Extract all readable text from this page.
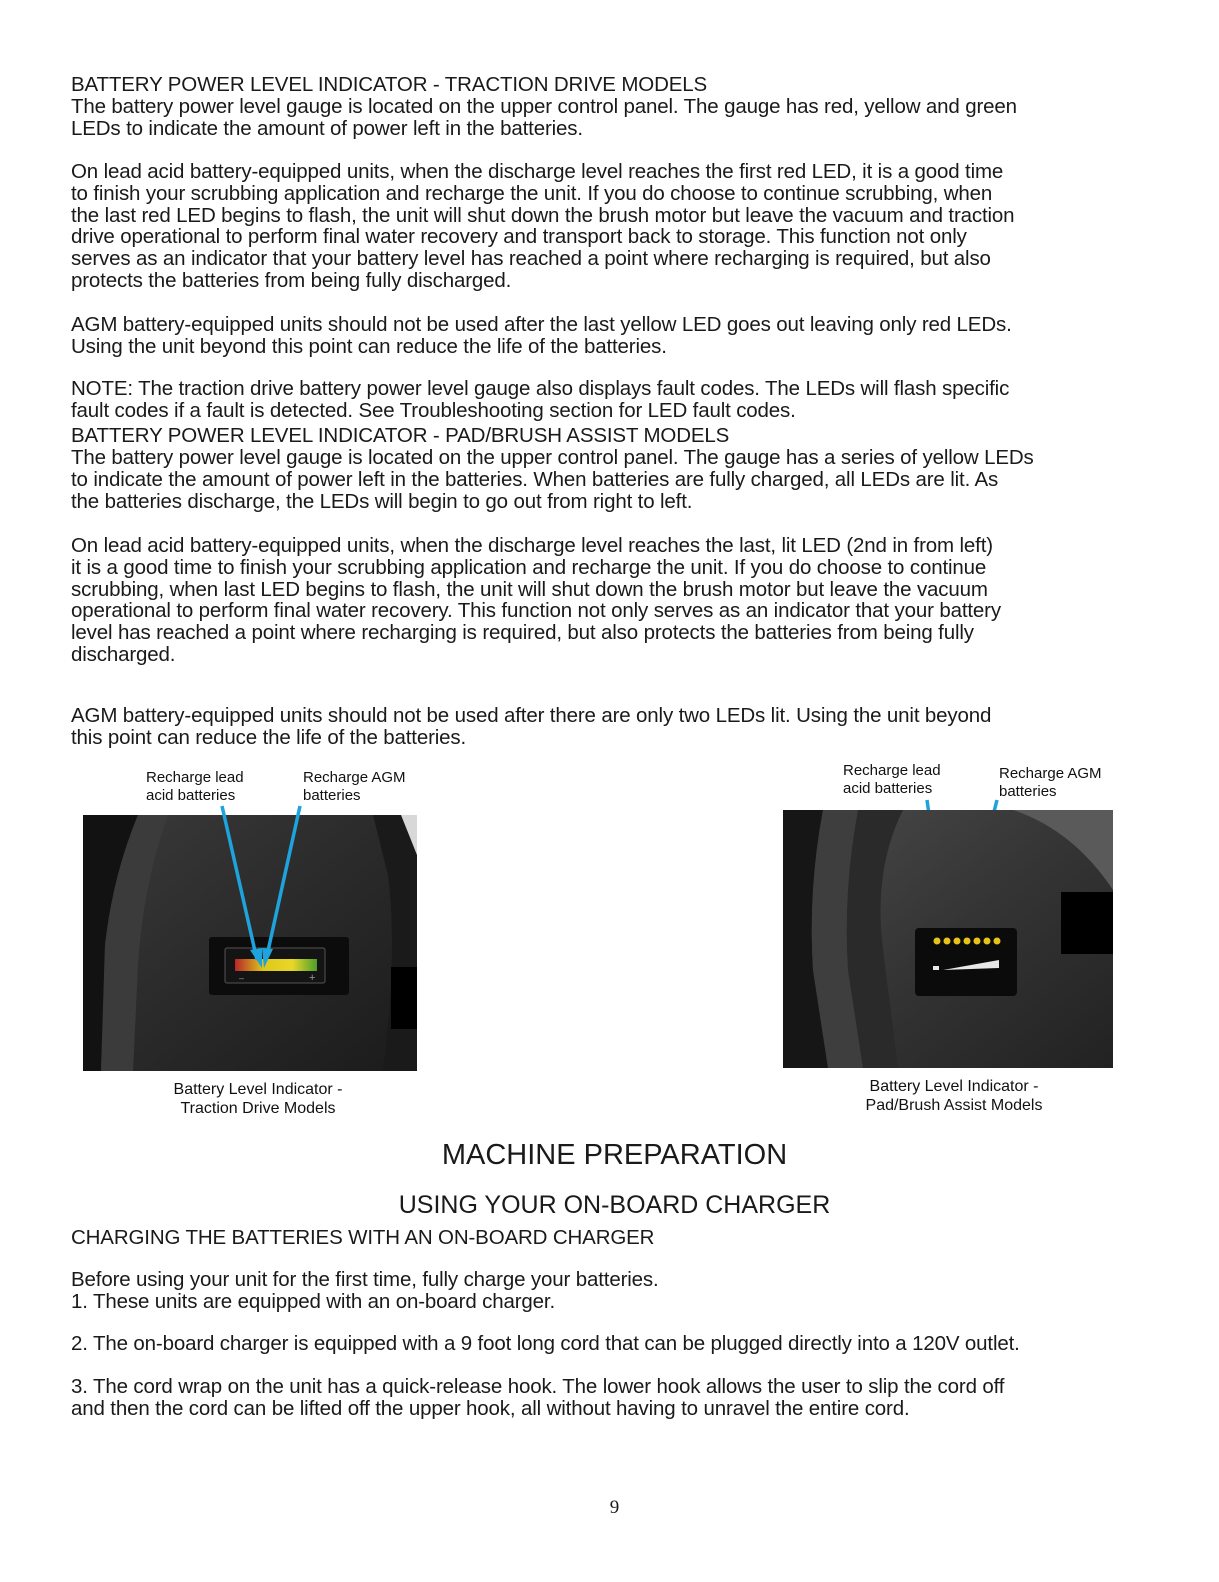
BATTERY POWER LEVEL INDICATOR - TRACTION DRIVE MODELS
The battery power level gauge is located on the upper control panel. The gauge has red, yellow and green
LEDs to indicate the amount of power left in the batteries.
On lead acid battery-equipped units, when the discharge level reaches the first red LED, it is a good time
to finish your scrubbing application and recharge the unit. If you do choose to continue scrubbing, when
the last red LED begins to flash, the unit will shut down the brush motor but leave the vacuum and traction
drive operational to perform final water recovery and transport back to storage. This function not only
serves as an indicator that your battery level has reached a point where recharging is required, but also
protects the batteries from being fully discharged.
AGM battery-equipped units should not be used after the last yellow LED goes out leaving only red LEDs.
Using the unit beyond this point can reduce the life of the batteries.
NOTE: The traction drive battery power level gauge also displays fault codes. The LEDs will flash specific
fault codes if a fault is detected. See Troubleshooting section for LED fault codes.
BATTERY POWER LEVEL INDICATOR - PAD/BRUSH ASSIST MODELS
The battery power level gauge is located on the upper control panel. The gauge has a series of yellow LEDs
to indicate the amount of power left in the batteries. When batteries are fully charged, all LEDs are lit. As
the batteries discharge, the LEDs will begin to go out from right to left.
On lead acid battery-equipped units, when the discharge level reaches the last, lit LED (2nd in from left)
it is a good time to finish your scrubbing application and recharge the unit. If you do choose to continue
scrubbing, when last LED begins to flash, the unit will shut down the brush motor but leave the vacuum
operational to perform final water recovery. This function not only serves as an indicator that your battery
level has reached a point where recharging is required, but also protects the batteries from being fully
discharged.
AGM battery-equipped units should not be used after there are only two LEDs lit. Using the unit beyond
this point can reduce the life of the batteries.
Recharge lead
acid batteries
Recharge AGM
batteries
–	+
Battery Level Indicator -
Traction Drive Models
Recharge lead
acid batteries
Recharge AGM
batteries
Battery Level Indicator -
Pad/Brush Assist Models
MACHINE PREPARATION
USING YOUR ON-BOARD CHARGER
CHARGING THE BATTERIES WITH AN ON-BOARD CHARGER
Before using your unit for the first time, fully charge your batteries.
1. These units are equipped with an on-board charger.
2. The on-board charger is equipped with a 9 foot long cord that can be plugged directly into a 120V outlet.
3. The cord wrap on the unit has a quick-release hook. The lower hook allows the user to slip the cord off
and then the cord can be lifted off the upper hook, all without having to unravel the entire cord.
9
